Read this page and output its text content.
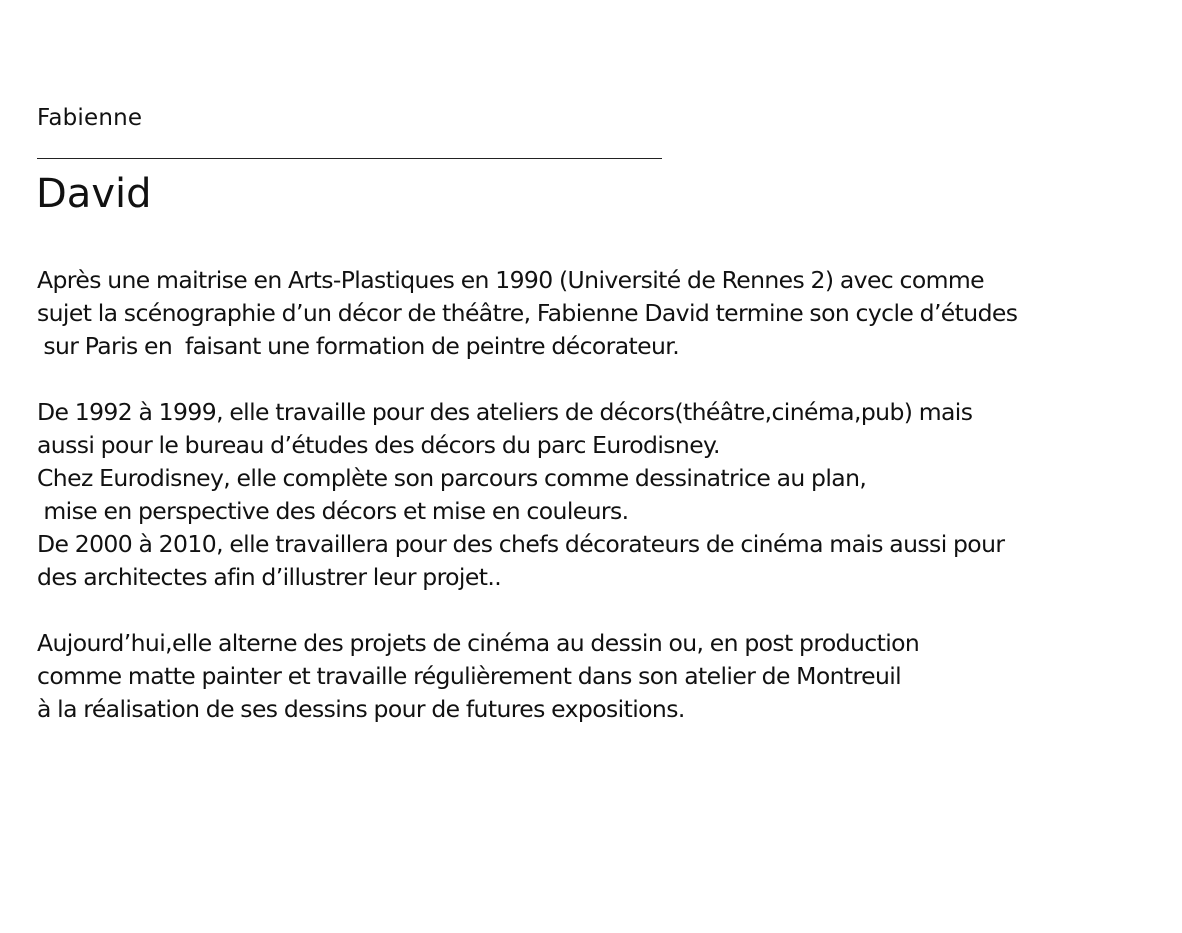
Fabienne
David

Après une maitrise en Arts-Plastiques en 1990 (Université de Rennes 2) avec comme
sujet la scénographie d’un décor de théâtre, Fabienne David termine son cycle d’études
sur Paris en  faisant une formation de peintre décorateur.

De 1992 à 1999, elle travaille pour des ateliers de décors(théâtre,cinéma,pub) mais
aussi pour le bureau d’études des décors du parc Eurodisney.
Chez Eurodisney, elle complète son parcours comme dessinatrice au plan,
mise en perspective des décors et mise en couleurs.
De 2000 à 2010, elle travaillera pour des chefs décorateurs de cinéma mais aussi pour
des architectes afin d’illustrer leur projet..

Aujourd’hui,elle alterne des projets de cinéma au dessin ou, en post production
comme matte painter et travaille régulièrement dans son atelier de Montreuil
à la réalisation de ses dessins pour de futures expositions.
